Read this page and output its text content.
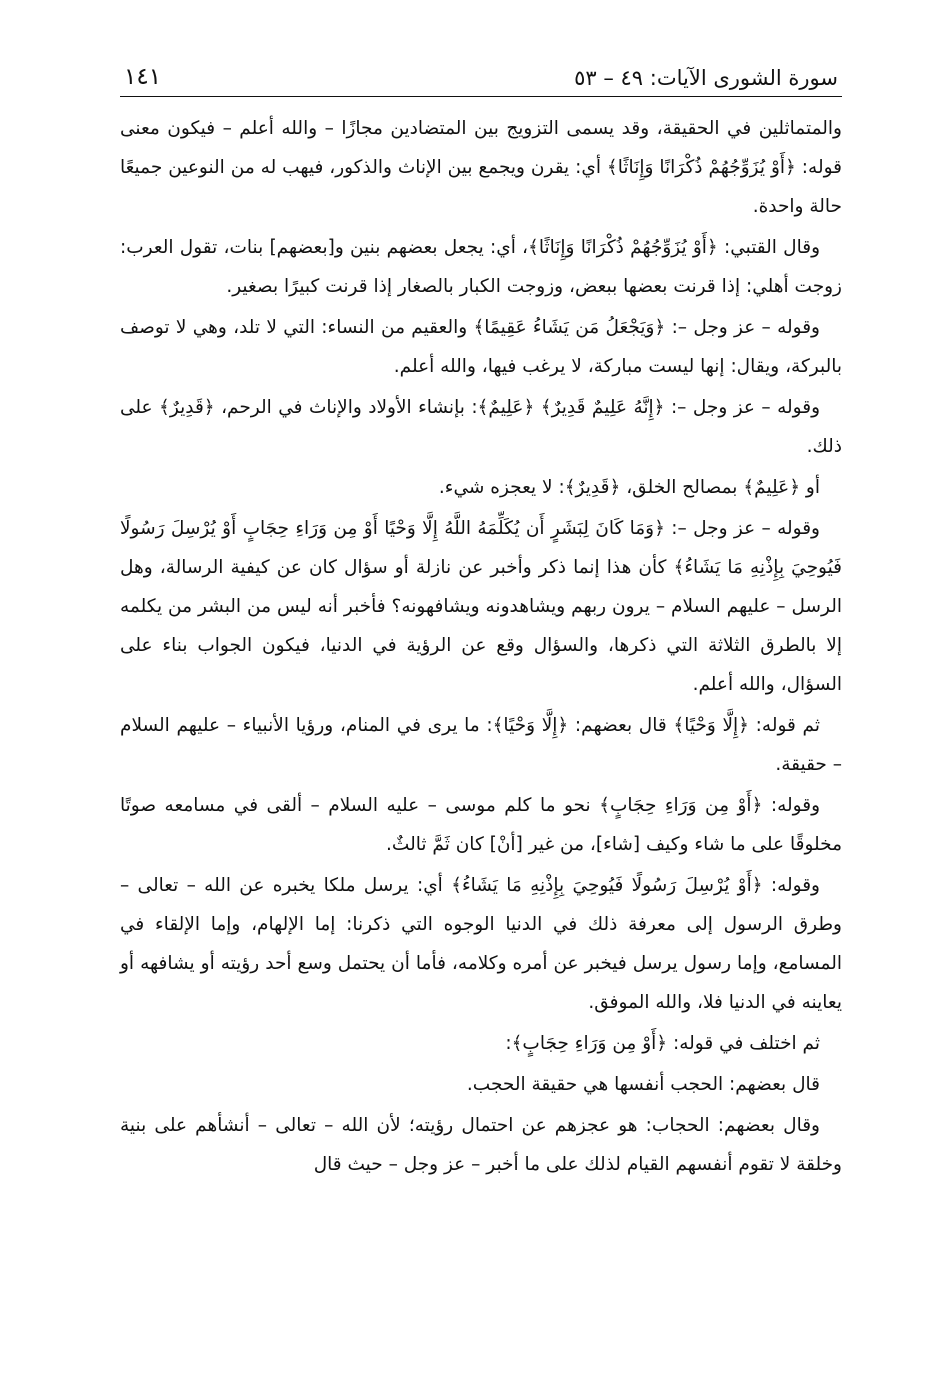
سورة الشورى الآيات: ٤٩ – ٥٣
١٤١

والمتماثلين في الحقيقة، وقد يسمى التزويج بين المتضادين مجازًا – والله أعلم – فيكون معنى قوله: ﴿أَوْ يُزَوِّجُهُمْ ذُكْرَانًا وَإِنَاثًا﴾ أي: يقرن ويجمع بين الإناث والذكور، فيهب له من النوعين جميعًا حالة واحدة.

وقال القتبي: ﴿أَوْ يُزَوِّجُهُمْ ذُكْرَانًا وَإِنَاثًا﴾، أي: يجعل بعضهم بنين و[بعضهم] بنات، تقول العرب: زوجت أهلي: إذا قرنت بعضها ببعض، وزوجت الكبار بالصغار إذا قرنت كبيرًا بصغير.

وقوله – عز وجل –: ﴿وَيَجْعَلُ مَن يَشَاءُ عَقِيمًا﴾ والعقيم من النساء: التي لا تلد، وهي لا توصف بالبركة، ويقال: إنها ليست مباركة، لا يرغب فيها، والله أعلم.

وقوله – عز وجل –: ﴿إِنَّهُ عَلِيمٌ قَدِيرٌ﴾ ﴿عَلِيمٌ﴾: بإنشاء الأولاد والإناث في الرحم، ﴿قَدِيرٌ﴾ على ذلك.

أو ﴿عَلِيمٌ﴾ بمصالح الخلق، ﴿قَدِيرٌ﴾: لا يعجزه شيء.

وقوله – عز وجل –: ﴿وَمَا كَانَ لِبَشَرٍ أَن يُكَلِّمَهُ اللَّهُ إِلَّا وَحْيًا أَوْ مِن وَرَاءِ حِجَابٍ أَوْ يُرْسِلَ رَسُولًا فَيُوحِيَ بِإِذْنِهِ مَا يَشَاءُ﴾ كأن هذا إنما ذكر وأخبر عن نازلة أو سؤال كان عن كيفية الرسالة، وهل الرسل – عليهم السلام – يرون ربهم ويشاهدونه ويشافهونه؟ فأخبر أنه ليس من البشر من يكلمه إلا بالطرق الثلاثة التي ذكرها، والسؤال وقع عن الرؤية في الدنيا، فيكون الجواب بناء على السؤال، والله أعلم.

ثم قوله: ﴿إِلَّا وَحْيًا﴾ قال بعضهم: ﴿إِلَّا وَحْيًا﴾: ما يرى في المنام، ورؤيا الأنبياء – عليهم السلام – حقيقة.

وقوله: ﴿أَوْ مِن وَرَاءِ حِجَابٍ﴾ نحو ما كلم موسى – عليه السلام – ألقى في مسامعه صوتًا مخلوقًا على ما شاء وكيف [شاء]، من غير [أنْ] كان ثَمَّ ثالثٌ.

وقوله: ﴿أَوْ يُرْسِلَ رَسُولًا فَيُوحِيَ بِإِذْنِهِ مَا يَشَاءُ﴾ أي: يرسل ملكا يخبره عن الله – تعالى – وطرق الرسول إلى معرفة ذلك في الدنيا الوجوه التي ذكرنا: إما الإلهام، وإما الإلقاء في المسامع، وإما رسول يرسل فيخبر عن أمره وكلامه، فأما أن يحتمل وسع أحد رؤيته أو يشافهه أو يعاينه في الدنيا فلا، والله الموفق.

ثم اختلف في قوله: ﴿أَوْ مِن وَرَاءِ حِجَابٍ﴾:

قال بعضهم: الحجب أنفسها هي حقيقة الحجب.

وقال بعضهم: الحجاب: هو عجزهم عن احتمال رؤيته؛ لأن الله – تعالى – أنشأهم على بنية وخلقة لا تقوم أنفسهم القيام لذلك على ما أخبر – عز وجل – حيث قال
